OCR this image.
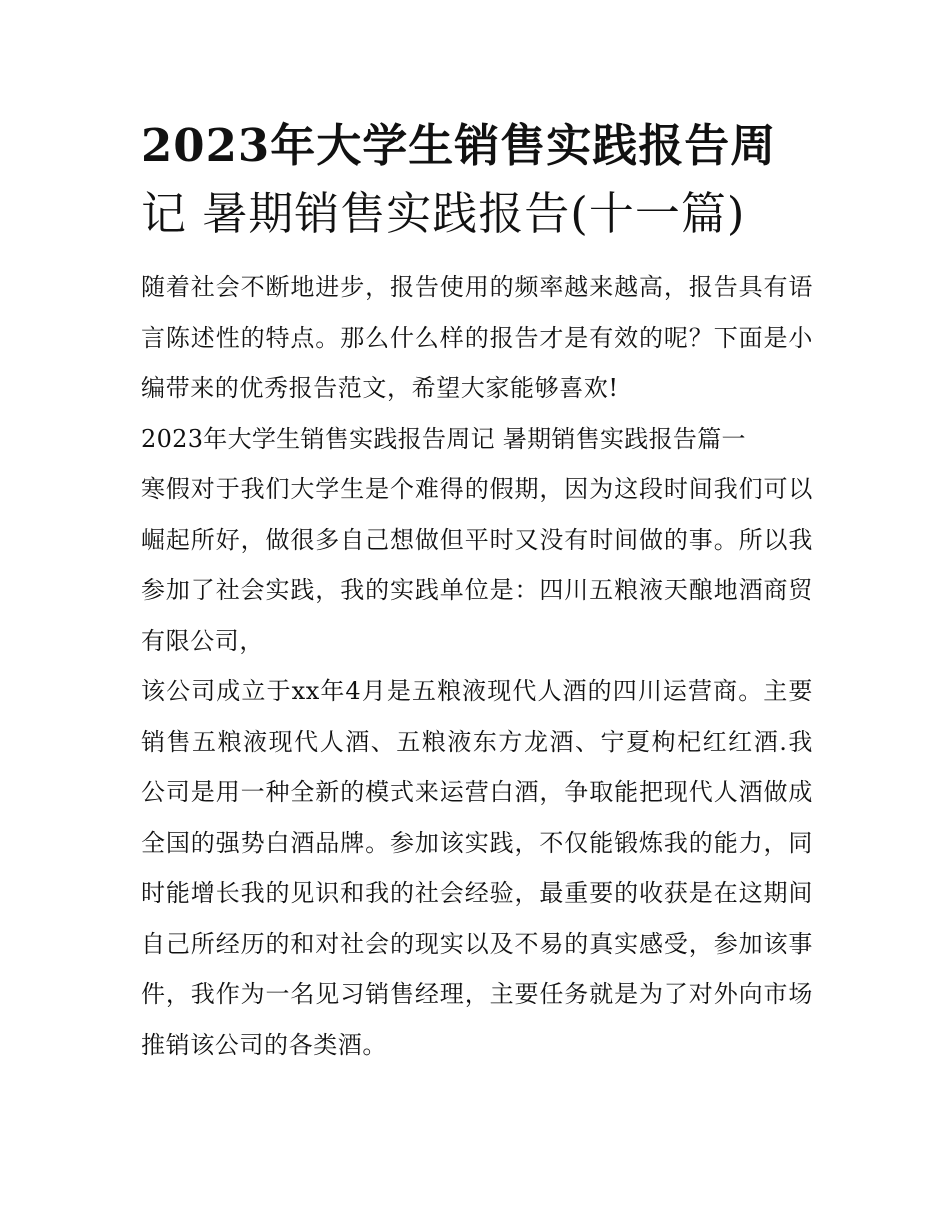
2023年大学生销售实践报告周记 暑期销售实践报告(十一篇)

随着社会不断地进步，报告使用的频率越来越高，报告具有语言陈述性的特点。那么什么样的报告才是有效的呢？下面是小编带来的优秀报告范文，希望大家能够喜欢!

2023年大学生销售实践报告周记 暑期销售实践报告篇一

寒假对于我们大学生是个难得的假期，因为这段时间我们可以崛起所好，做很多自己想做但平时又没有时间做的事。所以我参加了社会实践，我的实践单位是：四川五粮液天酿地酒商贸有限公司，

该公司成立于xx年4月是五粮液现代人酒的四川运营商。主要销售五粮液现代人酒、五粮液东方龙酒、宁夏枸杞红红酒.我公司是用一种全新的模式来运营白酒，争取能把现代人酒做成全国的强势白酒品牌。参加该实践，不仅能锻炼我的能力，同时能增长我的见识和我的社会经验，最重要的收获是在这期间自己所经历的和对社会的现实以及不易的真实感受，参加该事件，我作为一名见习销售经理，主要任务就是为了对外向市场推销该公司的各类酒。
